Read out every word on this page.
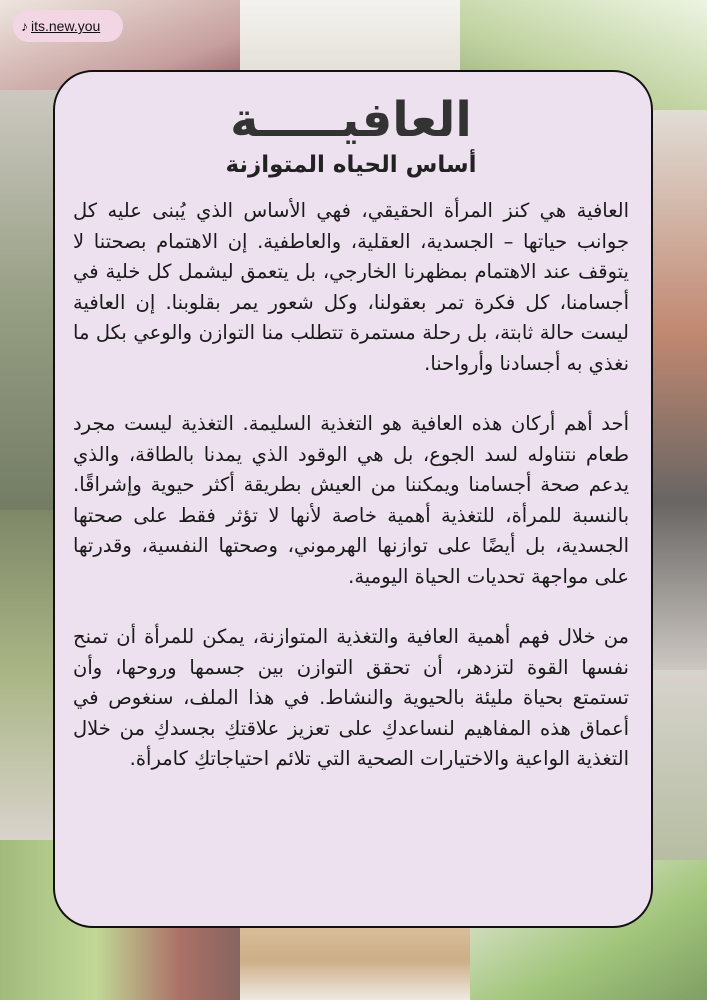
♪ its.new.you
العافيـــــة
أساس الحياه المتوازنة

العافية هي كنز المرأة الحقيقي، فهي الأساس الذي يُبنى عليه كل جوانب حياتها – الجسدية، العقلية، والعاطفية. إن الاهتمام بصحتنا لا يتوقف عند الاهتمام بمظهرنا الخارجي، بل يتعمق ليشمل كل خلية في أجسامنا، كل فكرة تمر بعقولنا، وكل شعور يمر بقلوبنا. إن العافية ليست حالة ثابتة، بل رحلة مستمرة تتطلب منا التوازن والوعي بكل ما نغذي به أجسادنا وأرواحنا.

أحد أهم أركان هذه العافية هو التغذية السليمة. التغذية ليست مجرد طعام نتناوله لسد الجوع، بل هي الوقود الذي يمدنا بالطاقة، والذي يدعم صحة أجسامنا ويمكننا من العيش بطريقة أكثر حيوية وإشراقًا. بالنسبة للمرأة، للتغذية أهمية خاصة لأنها لا تؤثر فقط على صحتها الجسدية، بل أيضًا على توازنها الهرموني، وصحتها النفسية، وقدرتها على مواجهة تحديات الحياة اليومية.

من خلال فهم أهمية العافية والتغذية المتوازنة، يمكن للمرأة أن تمنح نفسها القوة لتزدهر، أن تحقق التوازن بين جسمها وروحها، وأن تستمتع بحياة مليئة بالحيوية والنشاط. في هذا الملف، سنغوص في أعماق هذه المفاهيم لنساعدكِ على تعزيز علاقتكِ بجسدكِ من خلال التغذية الواعية والاختيارات الصحية التي تلائم احتياجاتكِ كامرأة.
